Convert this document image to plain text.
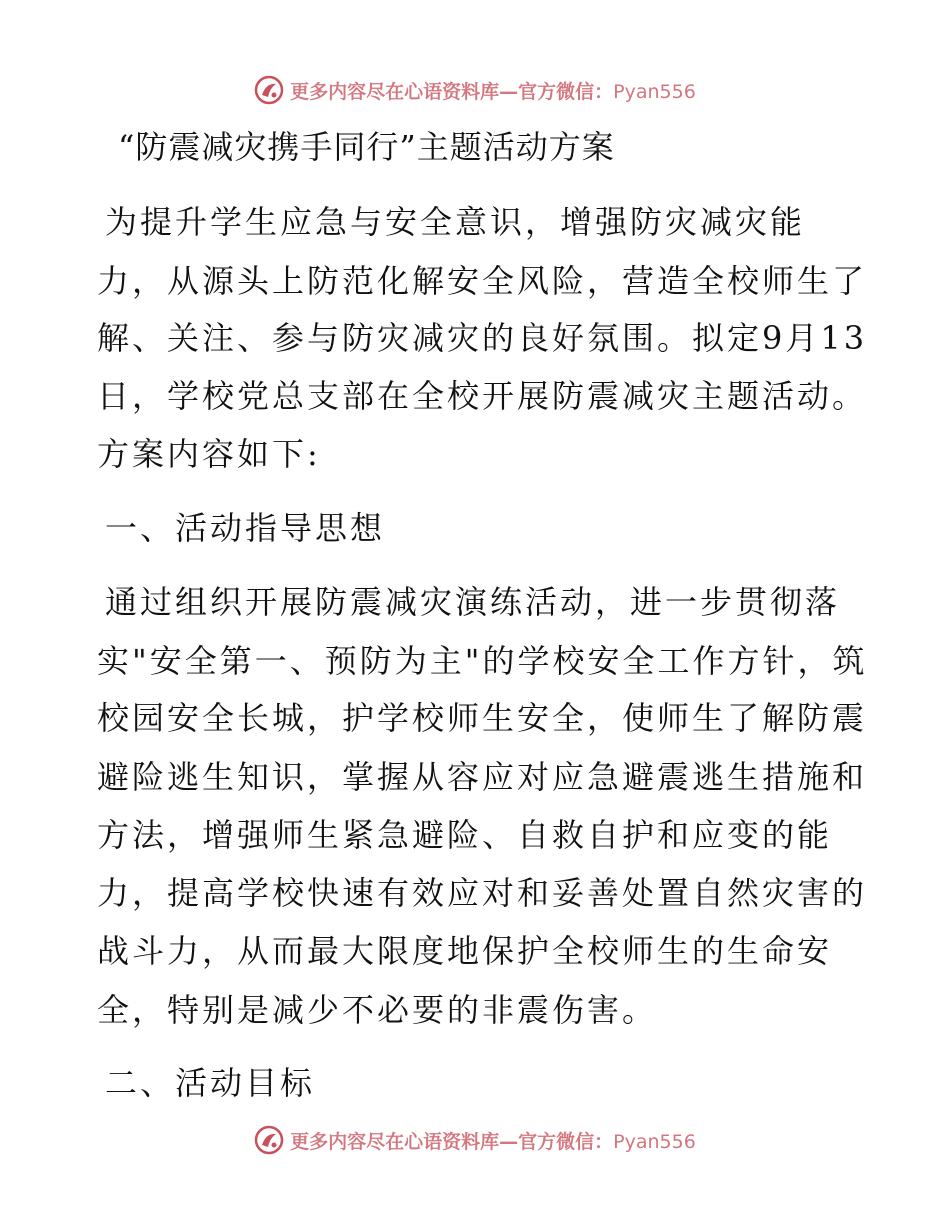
更多内容尽在心语资料库—官方微信：Pyan556
“防震减灾携手同行”主题活动方案
为提升学生应急与安全意识，增强防灾减灾能
力，从源头上防范化解安全风险，营造全校师生了
解、关注、参与防灾减灾的良好氛围。拟定9月13
日，学校党总支部在全校开展防震减灾主题活动。
方案内容如下:
一、活动指导思想
通过组织开展防震减灾演练活动，进一步贯彻落
实"安全第一、预防为主"的学校安全工作方针，筑
校园安全长城，护学校师生安全，使师生了解防震
避险逃生知识，掌握从容应对应急避震逃生措施和
方法，增强师生紧急避险、自救自护和应变的能
力，提高学校快速有效应对和妥善处置自然灾害的
战斗力，从而最大限度地保护全校师生的生命安
全，特别是减少不必要的非震伤害。
二、活动目标
更多内容尽在心语资料库—官方微信：Pyan556
